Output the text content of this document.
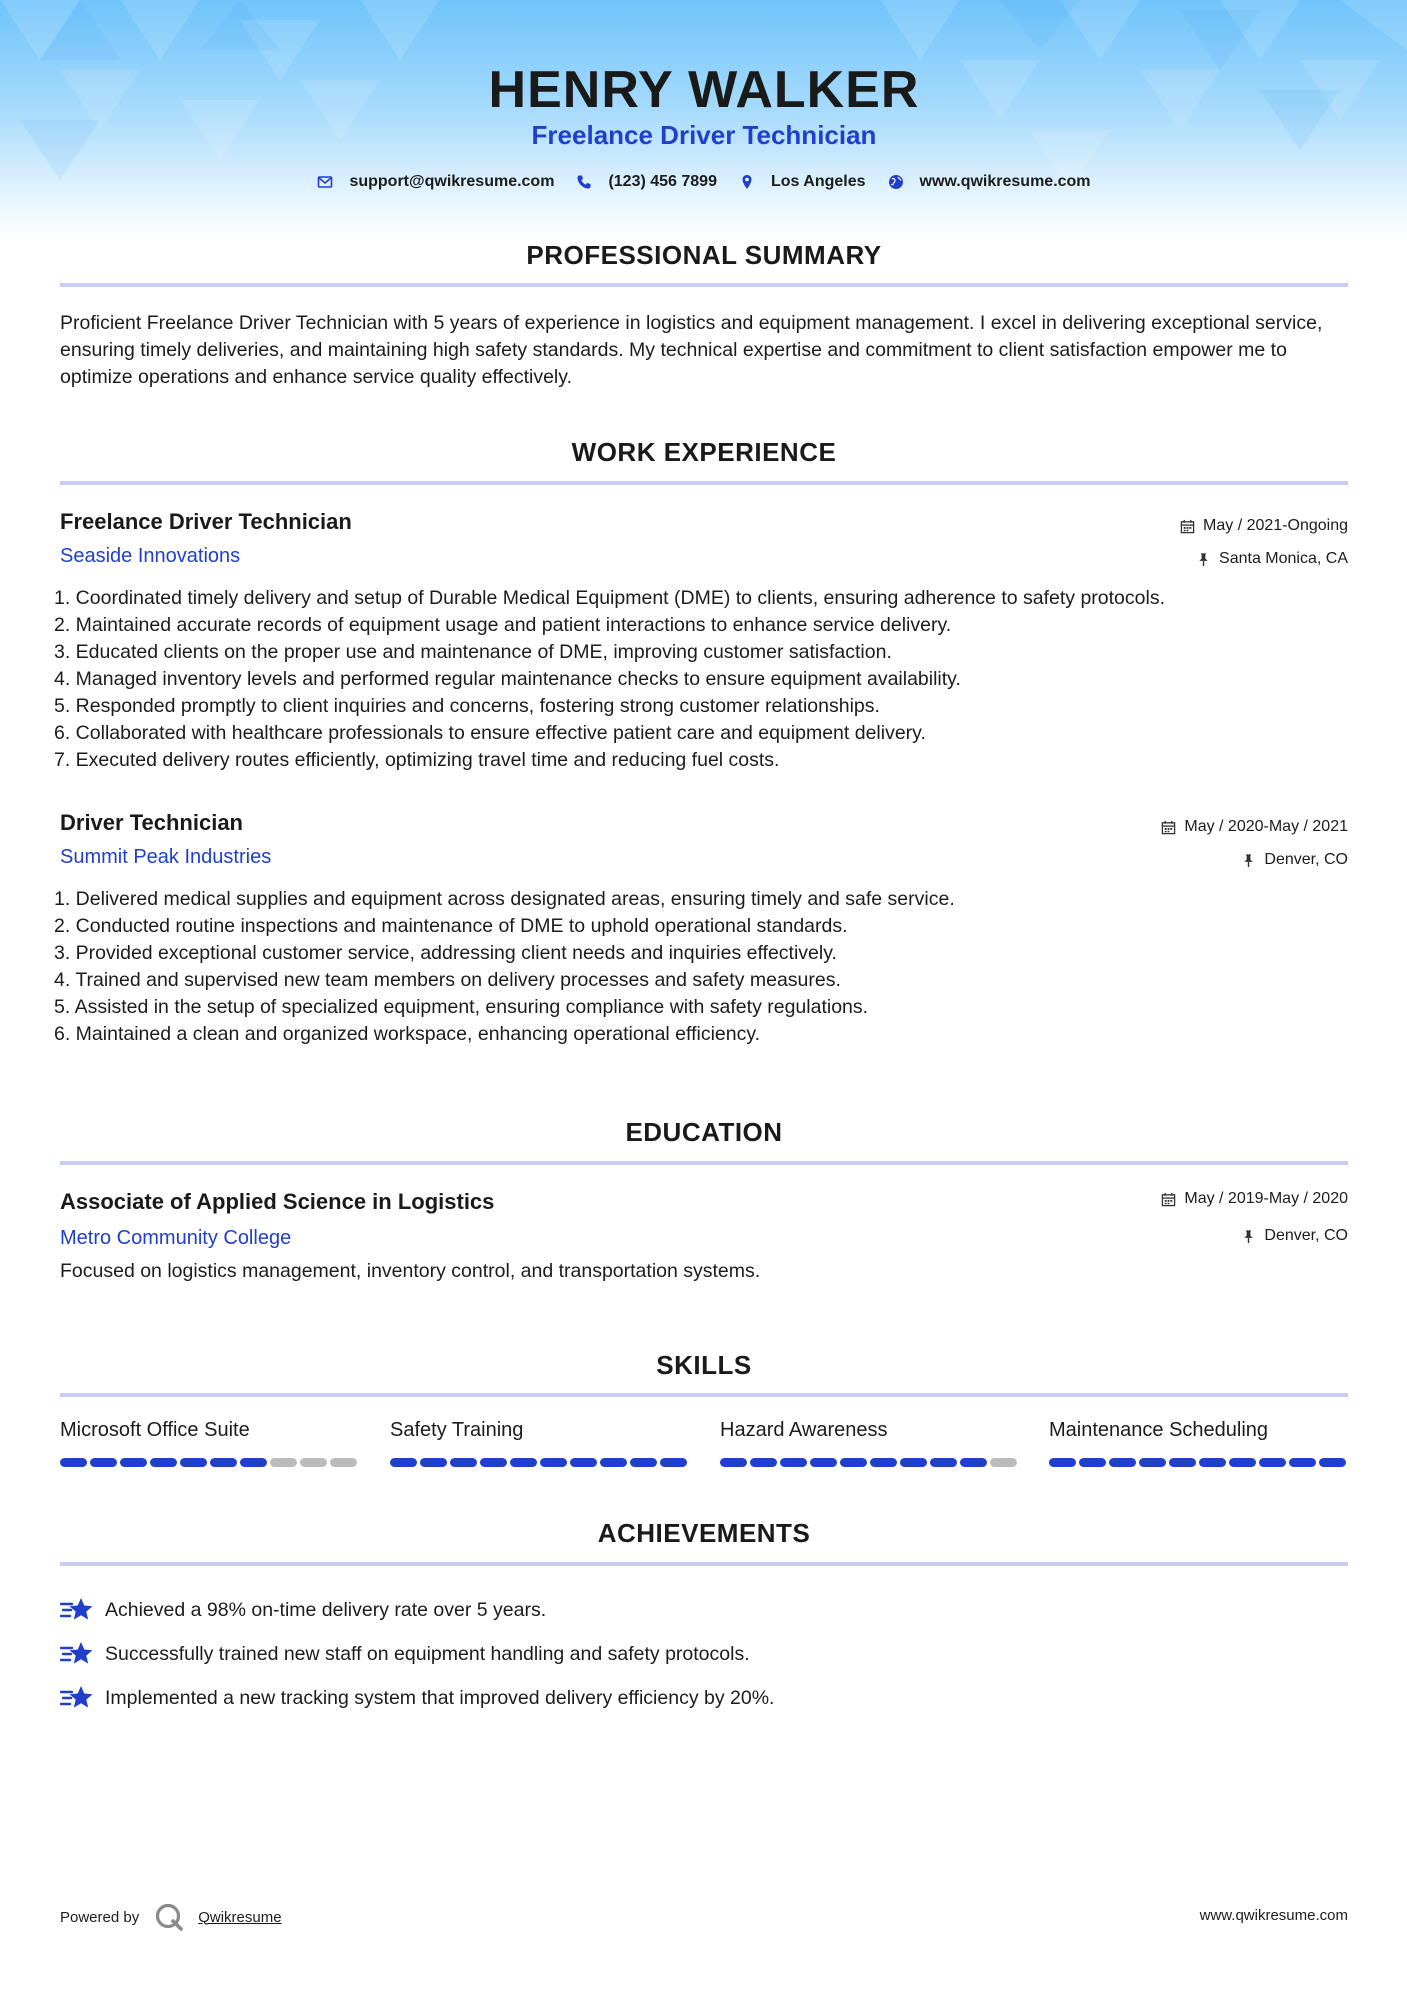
HENRY WALKER
Freelance Driver Technician
support@qwikresume.com	(123) 456 7899	Los Angeles	www.qwikresume.com
PROFESSIONAL SUMMARY
Proficient Freelance Driver Technician with 5 years of experience in logistics and equipment management. I excel in delivering exceptional service, ensuring timely deliveries, and maintaining high safety standards. My technical expertise and commitment to client satisfaction empower me to optimize operations and enhance service quality effectively.
WORK EXPERIENCE
Freelance Driver Technician
Seaside Innovations
May / 2021-Ongoing
Santa Monica, CA
1. Coordinated timely delivery and setup of Durable Medical Equipment (DME) to clients, ensuring adherence to safety protocols.
2. Maintained accurate records of equipment usage and patient interactions to enhance service delivery.
3. Educated clients on the proper use and maintenance of DME, improving customer satisfaction.
4. Managed inventory levels and performed regular maintenance checks to ensure equipment availability.
5. Responded promptly to client inquiries and concerns, fostering strong customer relationships.
6. Collaborated with healthcare professionals to ensure effective patient care and equipment delivery.
7. Executed delivery routes efficiently, optimizing travel time and reducing fuel costs.
Driver Technician
Summit Peak Industries
May / 2020-May / 2021
Denver, CO
1. Delivered medical supplies and equipment across designated areas, ensuring timely and safe service.
2. Conducted routine inspections and maintenance of DME to uphold operational standards.
3. Provided exceptional customer service, addressing client needs and inquiries effectively.
4. Trained and supervised new team members on delivery processes and safety measures.
5. Assisted in the setup of specialized equipment, ensuring compliance with safety regulations.
6. Maintained a clean and organized workspace, enhancing operational efficiency.
EDUCATION
Associate of Applied Science in Logistics
Metro Community College
May / 2019-May / 2020
Denver, CO
Focused on logistics management, inventory control, and transportation systems.
SKILLS
Microsoft Office Suite	Safety Training	Hazard Awareness	Maintenance Scheduling
ACHIEVEMENTS
Achieved a 98% on-time delivery rate over 5 years.
Successfully trained new staff on equipment handling and safety protocols.
Implemented a new tracking system that improved delivery efficiency by 20%.
Powered by	Qwikresume	www.qwikresume.com
